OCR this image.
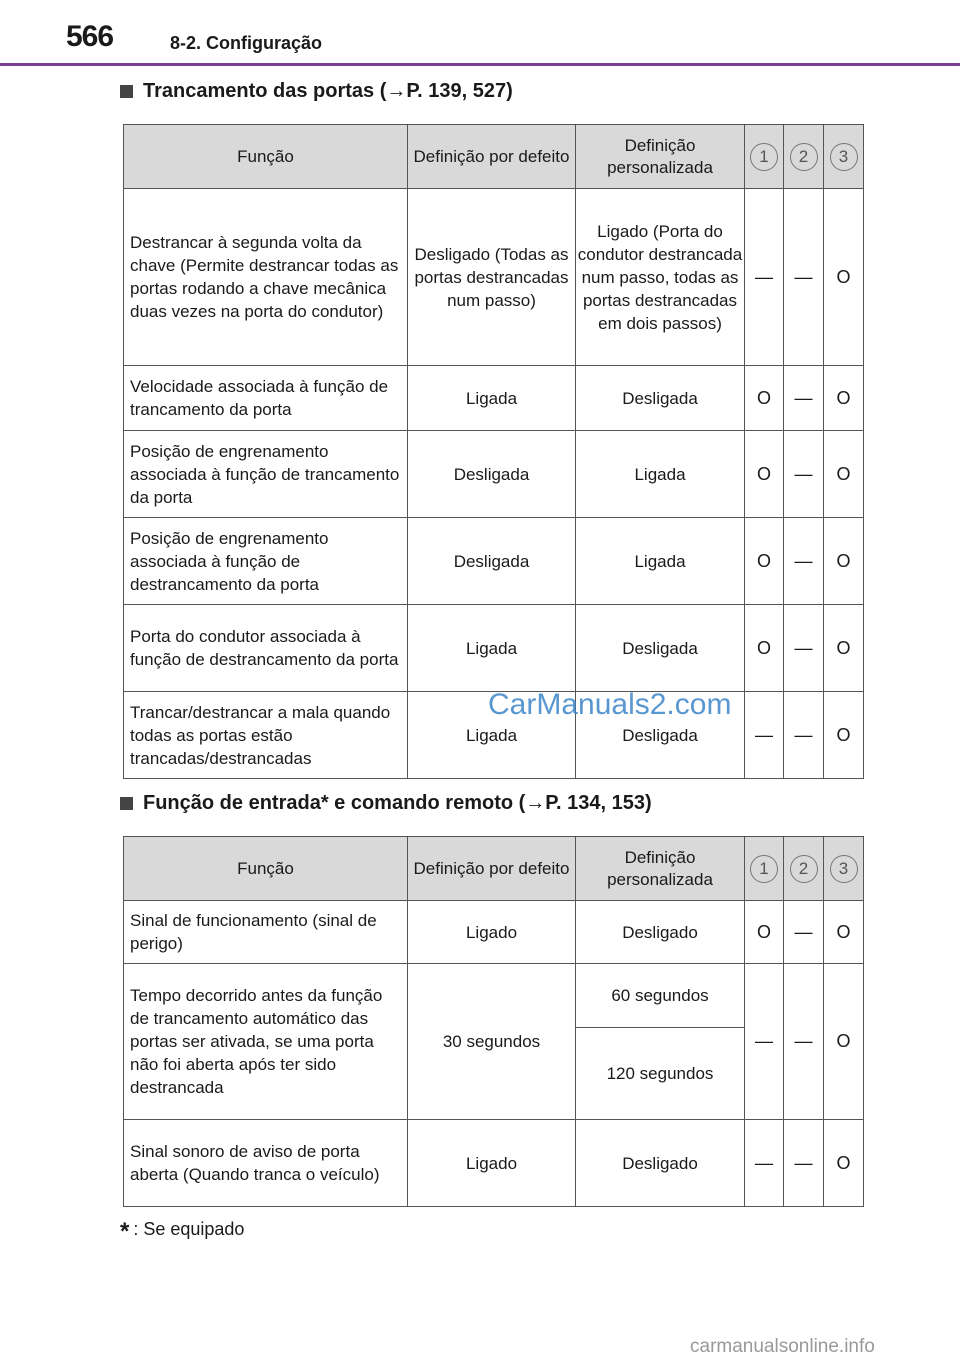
566	8-2. Configuração
Trancamento das portas (→P. 139, 527)
Função	Definição por defeito	Definição personalizada	1	2	3
Destrancar à segunda volta da chave (Permite destrancar todas as portas rodando a chave mecânica duas vezes na porta do condutor)	Desligado (Todas as portas destrancadas num passo)	Ligado (Porta do condutor destrancada num passo, todas as portas destrancadas em dois passos)	—	—	O
Velocidade associada à função de trancamento da porta	Ligada	Desligada	O	—	O
Posição de engrenamento associada à função de trancamento da porta	Desligada	Ligada	O	—	O
Posição de engrenamento associada à função de destrancamento da porta	Desligada	Ligada	O	—	O
Porta do condutor associada à função de destrancamento da porta	Ligada	Desligada	O	—	O
Trancar/destrancar a mala quando todas as portas estão trancadas/destrancadas	Ligada	Desligada	—	—	O
Função de entrada* e comando remoto (→P. 134, 153)
Função	Definição por defeito	Definição personalizada	1	2	3
Sinal de funcionamento (sinal de perigo)	Ligado	Desligado	O	—	O
Tempo decorrido antes da função de trancamento automático das portas ser ativada, se uma porta não foi aberta após ter sido destrancada	30 segundos	60 segundos	—	—	O
		120 segundos			
Sinal sonoro de aviso de porta aberta (Quando tranca o veículo)	Ligado	Desligado	—	—	O
* : Se equipado
CarManuals2.com
carmanualsonline.info
